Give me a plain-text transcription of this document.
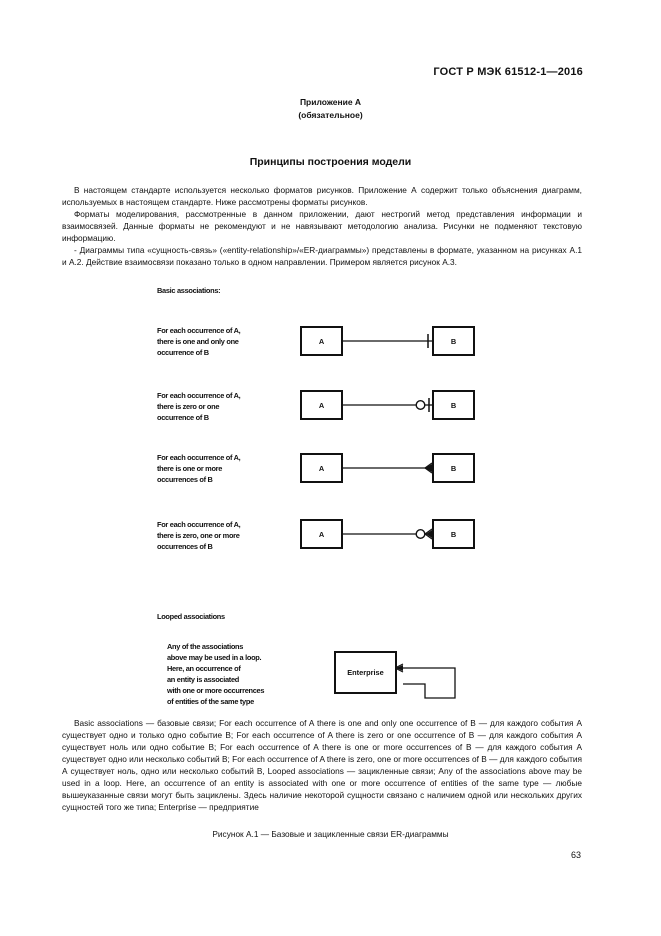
ГОСТ Р МЭК 61512-1—2016
Приложение А
(обязательное)
Принципы построения модели
В настоящем стандарте используется несколько форматов рисунков. Приложение А содержит только объяснения диаграмм, используемых в настоящем стандарте. Ниже рассмотрены форматы рисунков.
Форматы моделирования, рассмотренные в данном приложении, дают нестрогий метод представления информации и взаимосвязей. Данные форматы не рекомендуют и не навязывают методологию анализа. Рисунки не подменяют текстовую информацию.
- Диаграммы типа «сущность-связь» («entity-relationship»/«ER-диаграммы») представлены в формате, указанном на рисунках А.1 и А.2. Действие взаимосвязи показано только в одном направлении. Примером является рисунок А.3.
Basic associations:
For each occurrence of A,
there is one and only one
occurrence of B
A	B
For each occurrence of A,
there is zero or one
occurrence of B
A	B
For each occurrence of A,
there is one or more
occurrences of B
A	B
For each occurrence of A,
there is zero, one or more
occurrences of B
A	B
Looped associations
Any of the associations
above may be used in a loop.
Here, an occurrence of
an entity is associated
with one or more occurrences
of entities of the same type
Enterprise
Basic associations — базовые связи; For each occurrence of A there is one and only one occurrence of B — для каждого события А существует одно и только одно событие В; For each occurrence of A there is zero or one occurrence of B — для каждого события А существует ноль или одно событие В; For each occurrence of A there is one or more occurrences of B — для каждого события А существует одно или несколько событий В; For each occurrence of A there is zero, one or more occurrences of B — для каждого события А существует ноль, одно или несколько событий В, Looped associations — зацикленные связи; Any of the associations above may be used in a loop. Here, an occurrence of an entity is associated with one or more occurrence of entities of the same type — любые вышеуказанные связи могут быть зациклены. Здесь наличие некоторой сущности связано с наличием одной или нескольких других сущностей того же типа; Enterprise — предприятие
Рисунок А.1 — Базовые и зацикленные связи ER-диаграммы
63
